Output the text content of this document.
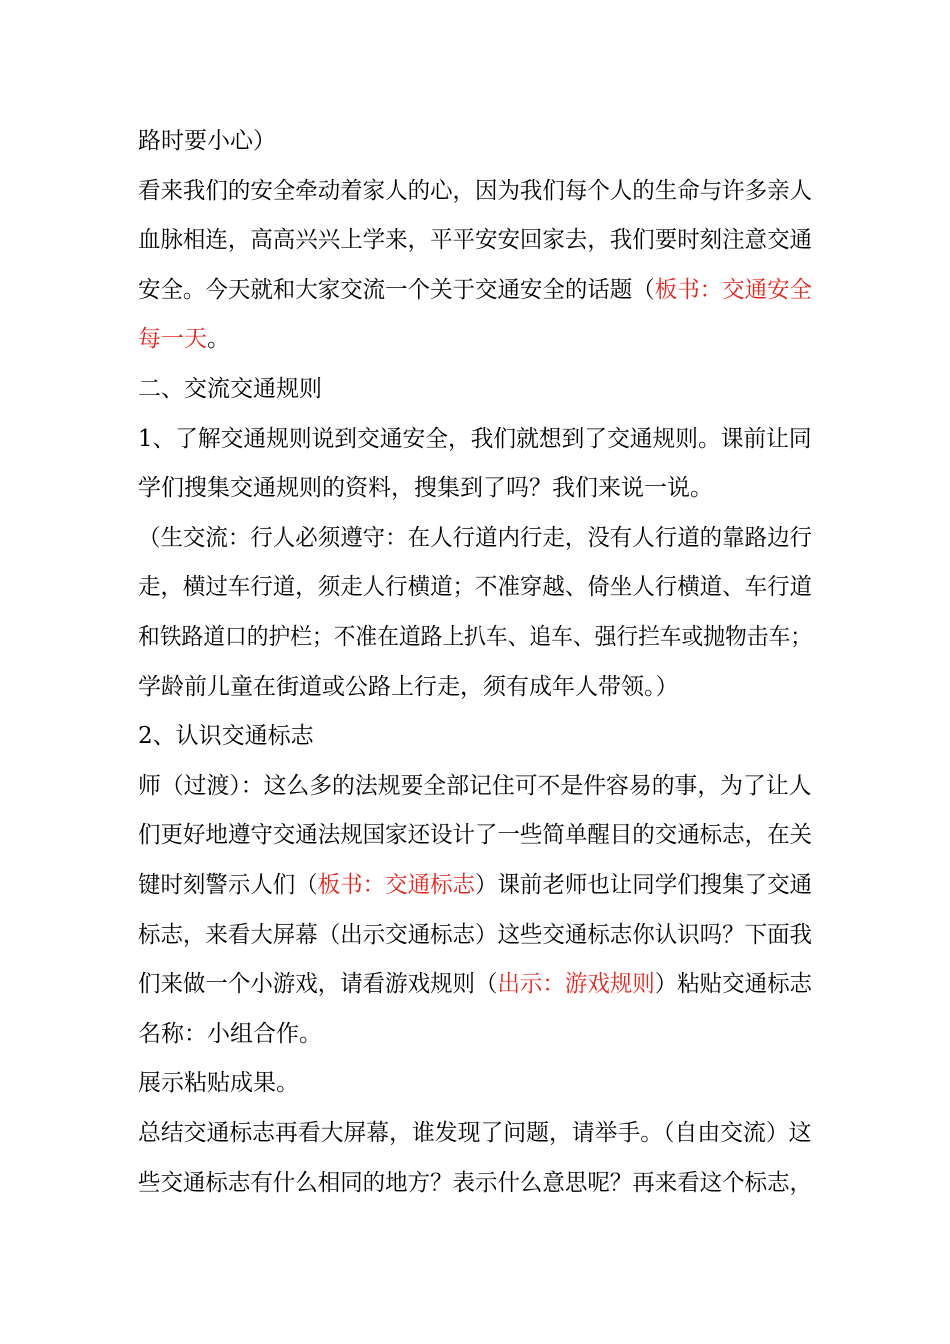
路时要小心）
看来我们的安全牵动着家人的心，因为我们每个人的生命与许多亲人
血脉相连，高高兴兴上学来，平平安安回家去，我们要时刻注意交通
安全。今天就和大家交流一个关于交通安全的话题（板书：交通安全
每一天。
二、交流交通规则
1、了解交通规则说到交通安全，我们就想到了交通规则。课前让同
学们搜集交通规则的资料，搜集到了吗？我们来说一说。
（生交流：行人必须遵守：在人行道内行走，没有人行道的靠路边行
走，横过车行道，须走人行横道；不准穿越、倚坐人行横道、车行道
和铁路道口的护栏；不准在道路上扒车、追车、强行拦车或抛物击车；
学龄前儿童在街道或公路上行走，须有成年人带领。）
2、认识交通标志
师（过渡）：这么多的法规要全部记住可不是件容易的事，为了让人
们更好地遵守交通法规国家还设计了一些简单醒目的交通标志，在关
键时刻警示人们（板书：交通标志）课前老师也让同学们搜集了交通
标志，来看大屏幕（出示交通标志）这些交通标志你认识吗？下面我
们来做一个小游戏，请看游戏规则（出示：游戏规则）粘贴交通标志
名称：小组合作。
展示粘贴成果。
总结交通标志再看大屏幕，谁发现了问题，请举手。（自由交流）这
些交通标志有什么相同的地方？表示什么意思呢？再来看这个标志，
